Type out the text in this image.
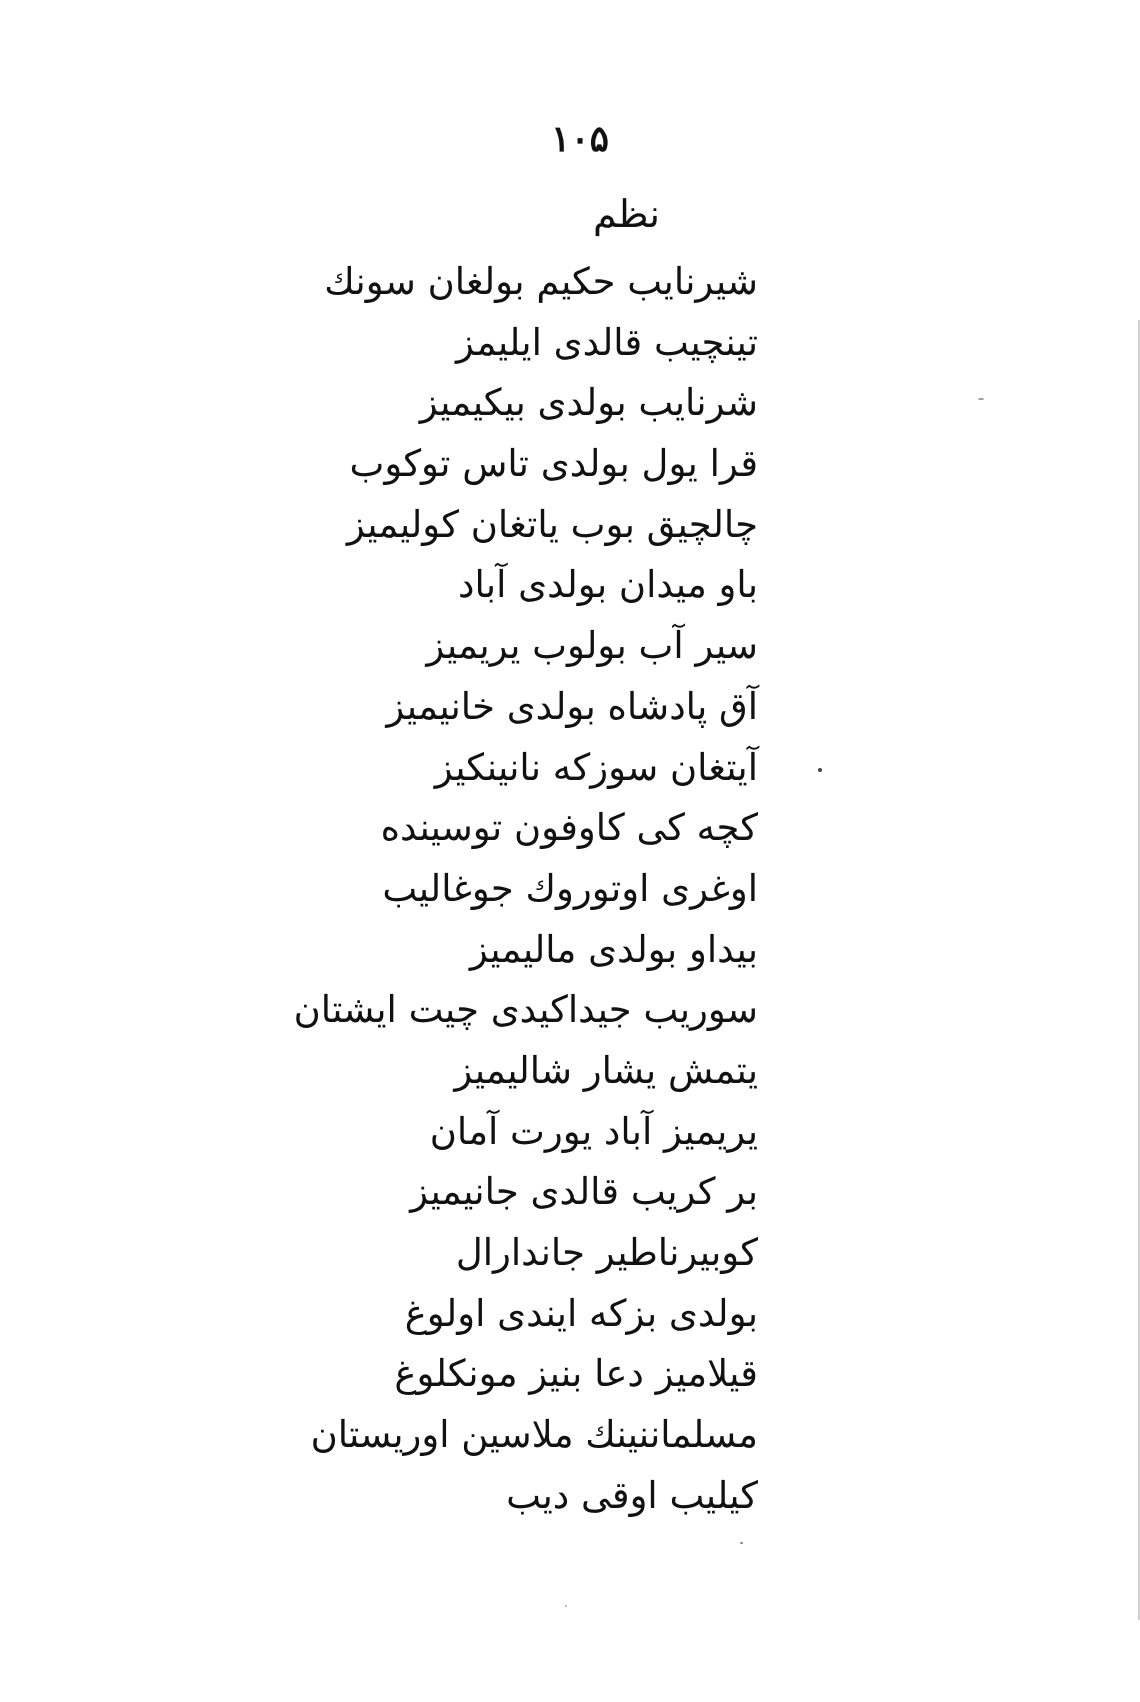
۱۰۵
نظم
شيرنايب حكيم بولغان سونك
تينچيب قالدى ايليمز
شرنايب بولدى بيكيميز
قرا يول بولدى تاس توكوب
چالچيق بوب ياتغان كوليميز
باو ميدان بولدى آباد
سير آب بولوب يريميز
آق پادشاه بولدى خانيميز
آيتغان سوزكه نانينكيز
كچه كى كاوفون توسينده
اوغرى اوتوروك جوغاليب
بيداو بولدى ماليميز
سوريب جيداكيدى چيت ايشتان
يتمش يشار شاليميز
يريميز آباد يورت آمان
بر كريب قالدى جانيميز
كوبيرناطير جاندارال
بولدى بزكه ايندى اولوغ
قيلاميز دعا بنيز مونكلوغ
مسلماننينك ملاسين اوريستان
كيليب اوقى ديب
